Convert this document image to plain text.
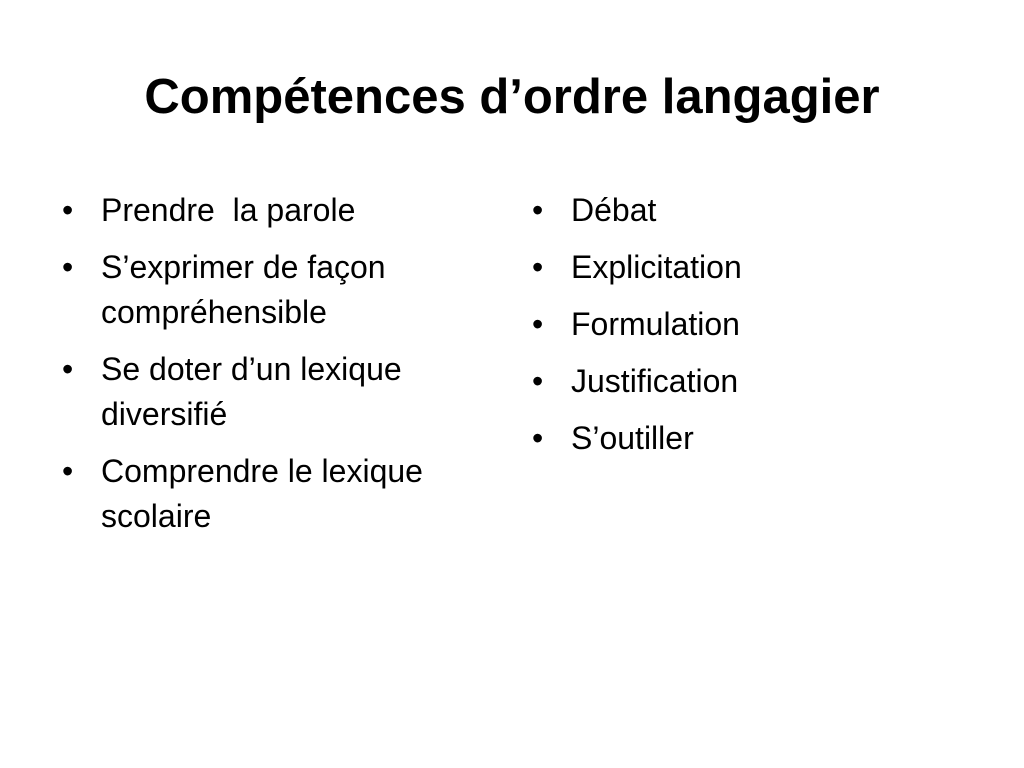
Compétences d’ordre langagier
• Prendre  la parole
• S’exprimer de façon compréhensible
• Se doter d’un lexique diversifié
• Comprendre le lexique scolaire
• Débat
• Explicitation
• Formulation
• Justification
• S’outiller
